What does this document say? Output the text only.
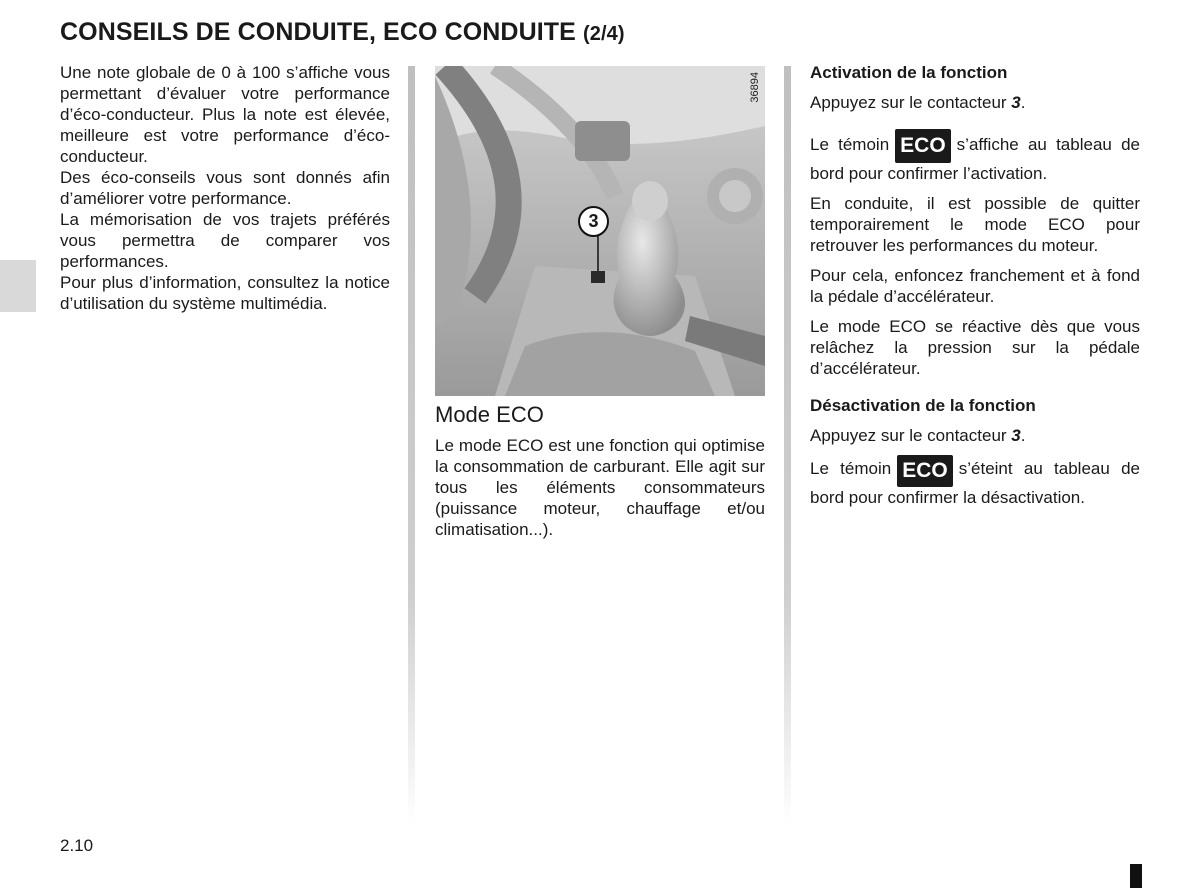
CONSEILS DE CONDUITE, ECO CONDUITE (2/4)

Une note globale de 0 à 100 s’affiche vous permettant d’évaluer votre performance d’éco-conducteur. Plus la note est élevée, meilleure est votre performance d’éco-conducteur.

Des éco-conseils vous sont donnés afin d’améliorer votre performance.

La mémorisation de vos trajets préférés vous permettra de comparer vos performances.

Pour plus d’information, consultez la notice d’utilisation du système multimédia.

3
36894
Mode ECO

Le mode ECO est une fonction qui optimise la consommation de carburant. Elle agit sur tous les éléments consommateurs (puissance moteur, chauffage et/ou climatisation...).

Activation de la fonction

Appuyez sur le contacteur 3.

Le témoin ECO s’affiche au tableau de bord pour confirmer l’activation.

En conduite, il est possible de quitter temporairement le mode ECO pour retrouver les performances du moteur.

Pour cela, enfoncez franchement et à fond la pédale d’accélérateur.

Le mode ECO se réactive dès que vous relâchez la pression sur la pédale d’accélérateur.

Désactivation de la fonction

Appuyez sur le contacteur 3.

Le témoin ECO s’éteint au tableau de bord pour confirmer la désactivation.

2.10
